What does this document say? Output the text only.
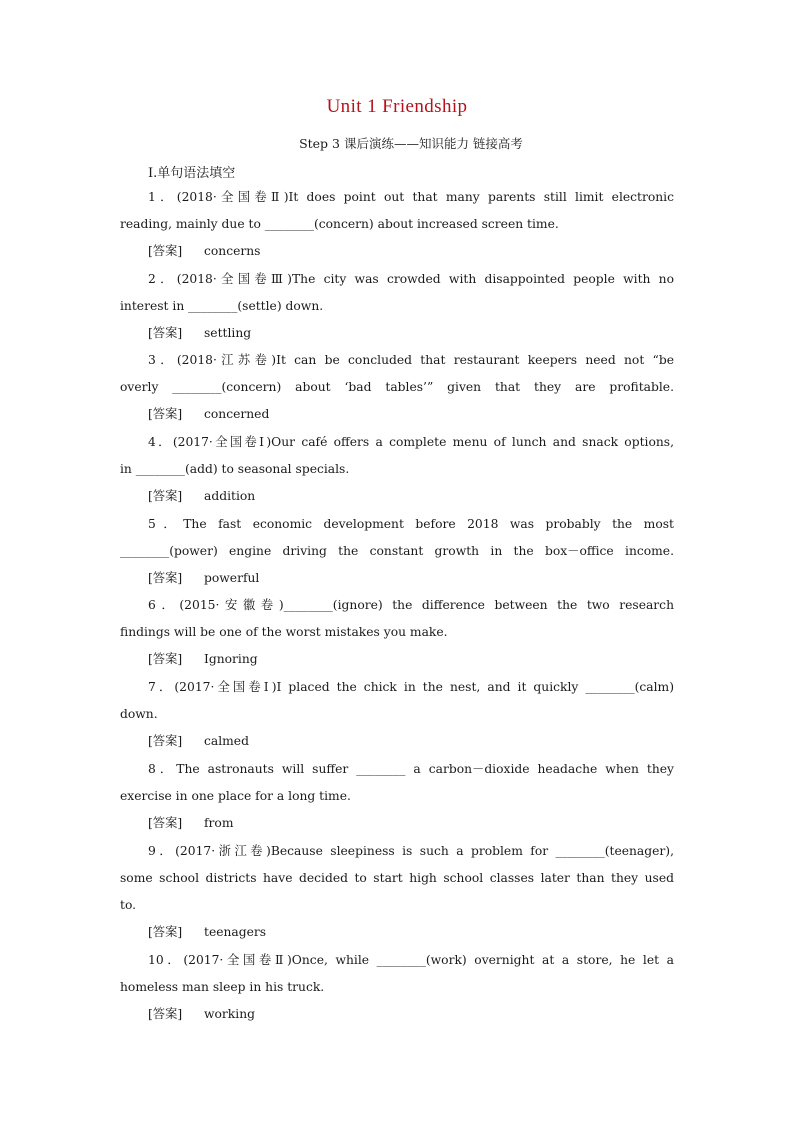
Unit 1 Friendship
Step 3 课后演练——知识能力 链接高考
Ⅰ.单句语法填空
1．(2018·全国卷Ⅱ)It does point out that many parents still limit electronic
reading, mainly due to ________(concern) about increased screen time.
[答案] concerns
2．(2018·全国卷Ⅲ)The city was crowded with disappointed people with no
interest in ________(settle) down.
[答案] settling
3．(2018·江苏卷)It can be concluded that restaurant keepers need not “be
overly ________(concern) about ‘bad tables’” given that they are profitable.
[答案] concerned
4．(2017·全国卷Ⅰ)Our café offers a complete menu of lunch and snack options,
in ________(add) to seasonal specials.
[答案] addition
5．The fast economic development before 2018 was probably the most
________(power) engine driving the constant growth in the box－office income.
[答案] powerful
6．(2015·安徽卷)________(ignore) the difference between the two research
findings will be one of the worst mistakes you make.
[答案] Ignoring
7．(2017·全国卷Ⅰ)I placed the chick in the nest, and it quickly ________(calm)
down.
[答案] calmed
8．The astronauts will suffer ________ a carbon－dioxide headache when they
exercise in one place for a long time.
[答案] from
9．(2017·浙江卷)Because sleepiness is such a problem for ________(teenager),
some school districts have decided to start high school classes later than they used
to.
[答案] teenagers
10．(2017·全国卷Ⅱ)Once, while ________(work) overnight at a store, he let a
homeless man sleep in his truck.
[答案] working
